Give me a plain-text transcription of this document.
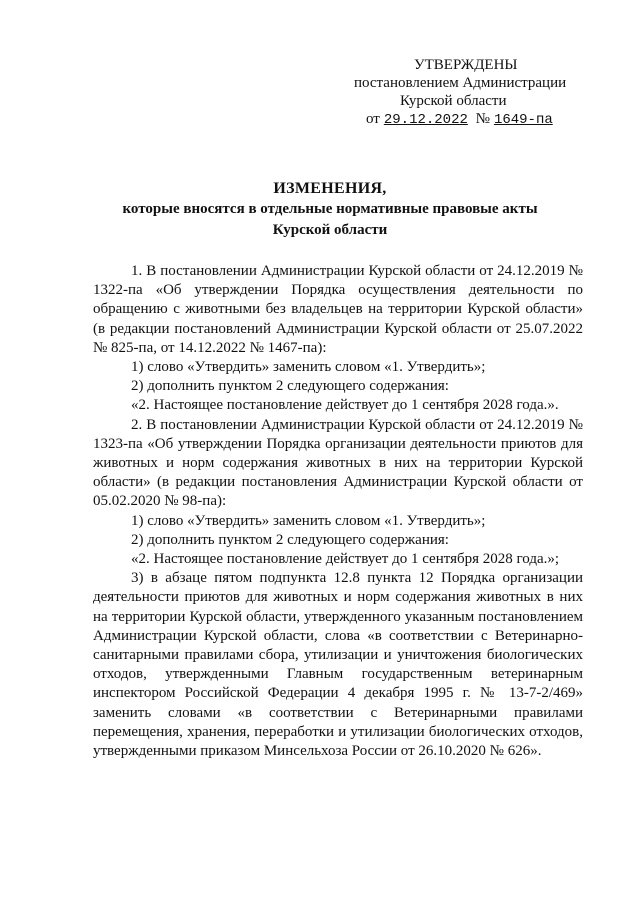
УТВЕРЖДЕНЫ
постановлением Администрации
Курской области
от 29.12.2022 № 1649-па
ИЗМЕНЕНИЯ,
которые вносятся в отдельные нормативные правовые акты
Курской области

1. В постановлении Администрации Курской области от 24.12.2019 № 1322-па «Об утверждении Порядка осуществления деятельности по обращению с животными без владельцев на территории Курской области» (в редакции постановлений Администрации Курской области от 25.07.2022 № 825-па, от 14.12.2022 № 1467-па):

1) слово «Утвердить» заменить словом «1. Утвердить»;

2) дополнить пунктом 2 следующего содержания:

«2. Настоящее постановление действует до 1 сентября 2028 года.».

2. В постановлении Администрации Курской области от 24.12.2019 № 1323-па «Об утверждении Порядка организации деятельности приютов для животных и норм содержания животных в них на территории Курской области» (в редакции постановления Администрации Курской области от 05.02.2020 № 98-па):

1) слово «Утвердить» заменить словом «1. Утвердить»;

2) дополнить пунктом 2 следующего содержания:

«2. Настоящее постановление действует до 1 сентября 2028 года.»;

3) в абзаце пятом подпункта 12.8 пункта 12 Порядка организации деятельности приютов для животных и норм содержания животных в них на территории Курской области, утвержденного указанным постановлением Администрации Курской области, слова «в соответствии с Ветеринарно-санитарными правилами сбора, утилизации и уничтожения биологических отходов, утвержденными Главным государственным ветеринарным инспектором Российской Федерации 4 декабря 1995 г. № 13-7-2/469» заменить словами «в соответствии с Ветеринарными правилами перемещения, хранения, переработки и утилизации биологических отходов, утвержденными приказом Минсельхоза России от 26.10.2020 № 626».
